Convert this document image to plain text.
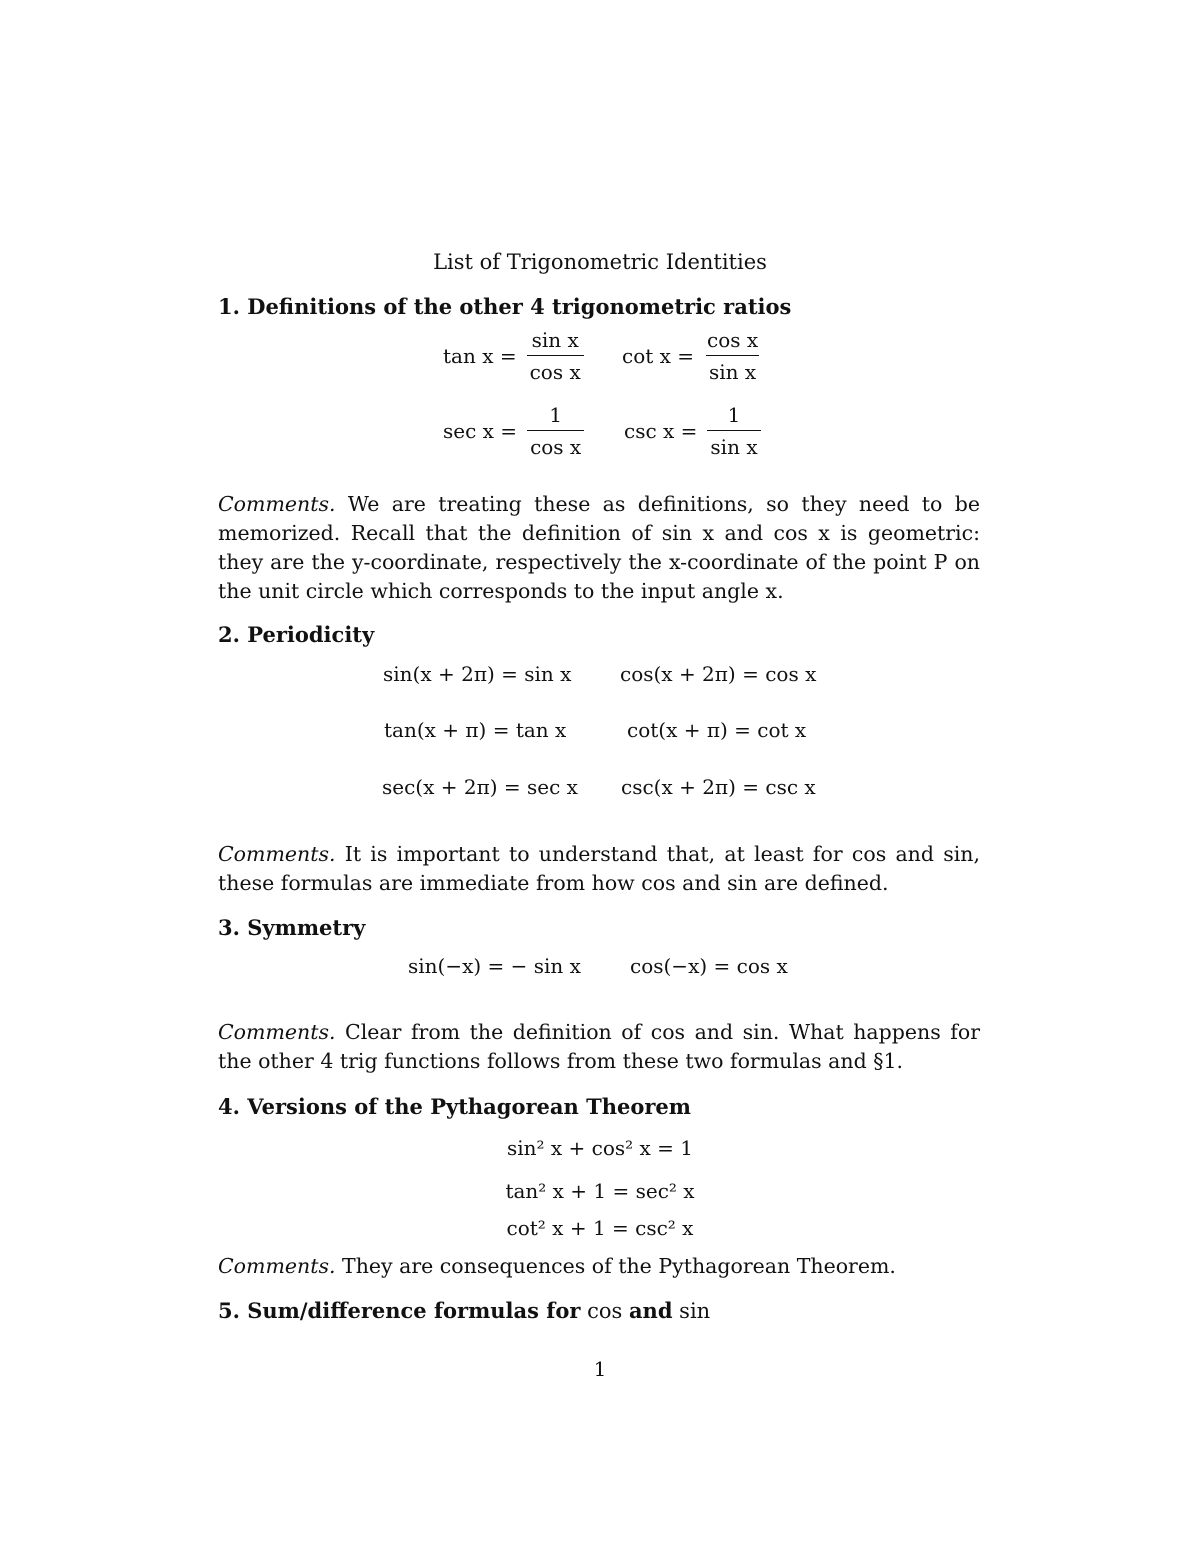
List of Trigonometric Identities
1. Definitions of the other 4 trigonometric ratios
$\tan x = \frac{\text{sin x}}{\text{cos x}}$ $\cot x = \frac{\text{cos x}}{\text{sin x}}$
$\sec x = \frac{1}{\text{cos x}}$ $\csc x = \frac{1}{\text{sin x}}$
Comments. We are treating these as definitions, so they need to be memorized. Recall that the definition of sin x and cos x is geometric: they are the y-coordinate, respectively the x-coordinate of the point P on the unit circle which corresponds to the input angle x.
2. Periodicity
sin(x + 2π) = sin x cos(x + 2π) = cos x
tan(x + π) = tan x	cot(x + π) = cot x
sec(x + 2π) = sec x csc(x + 2π) = csc x
Comments. It is important to understand that, at least for cos and sin, these formulas are immediate from how cos and sin are defined.
3. Symmetry
sin(−x) = − sin x cos(−x) = cos x
Comments. Clear from the definition of cos and sin. What happens for the other 4 trig functions follows from these two formulas and §1.
4. Versions of the Pythagorean Theorem
sin² x + cos² x = 1
tan² x + 1 = sec² x
cot² x + 1 = csc² x
Comments. They are consequences of the Pythagorean Theorem.
5. Sum/difference formulas for cos and sin
1
